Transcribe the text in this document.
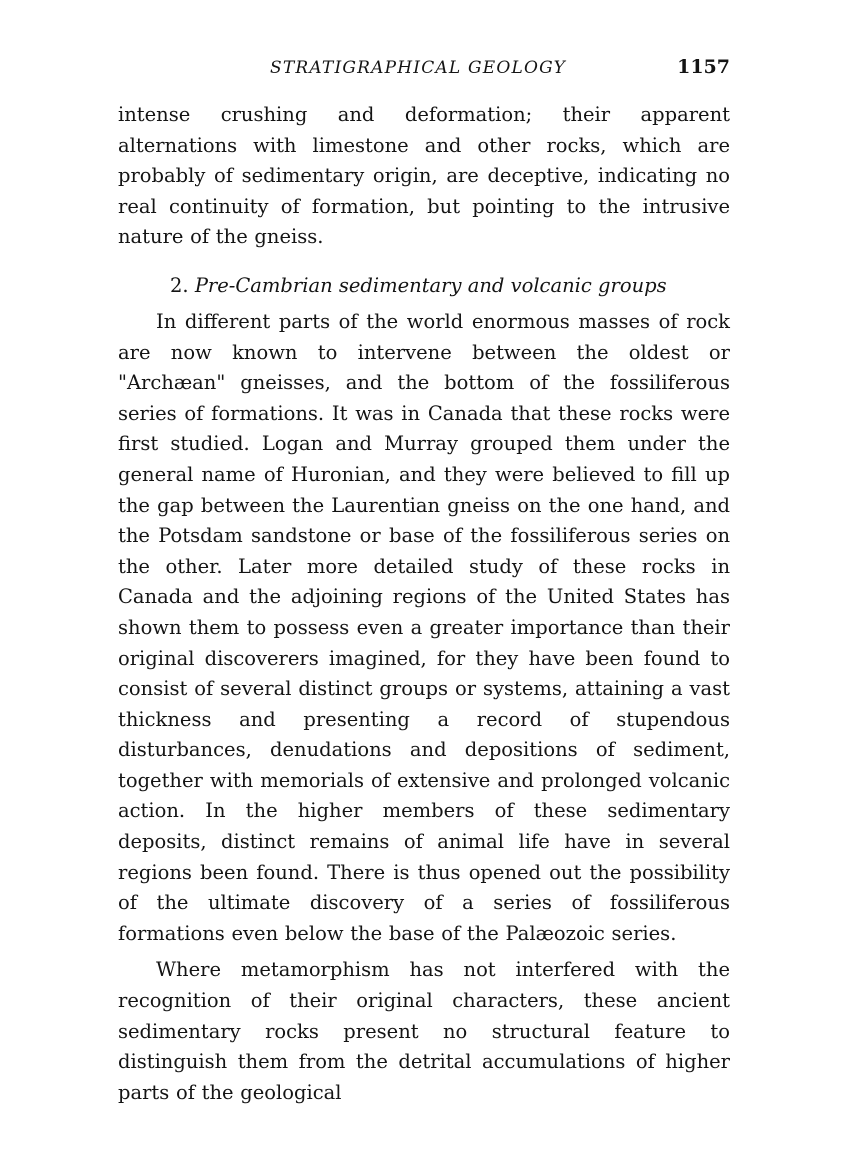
STRATIGRAPHICAL GEOLOGY	1157

intense crushing and deformation; their apparent alternations with limestone and other rocks, which are probably of sedimentary origin, are deceptive, indicating no real continuity of formation, but pointing to the intrusive nature of the gneiss.

2. Pre-Cambrian sedimentary and volcanic groups

In different parts of the world enormous masses of rock are now known to intervene between the oldest or "Archæan" gneisses, and the bottom of the fossiliferous series of formations. It was in Canada that these rocks were first studied. Logan and Murray grouped them under the general name of Huronian, and they were believed to fill up the gap between the Laurentian gneiss on the one hand, and the Potsdam sandstone or base of the fossiliferous series on the other. Later more detailed study of these rocks in Canada and the adjoining regions of the United States has shown them to possess even a greater importance than their original discoverers imagined, for they have been found to consist of several distinct groups or systems, attaining a vast thickness and presenting a record of stupendous disturbances, denudations and depositions of sediment, together with memorials of extensive and prolonged volcanic action. In the higher members of these sedimentary deposits, distinct remains of animal life have in several regions been found. There is thus opened out the possibility of the ultimate discovery of a series of fossiliferous formations even below the base of the Palæozoic series.

Where metamorphism has not interfered with the recognition of their original characters, these ancient sedimentary rocks present no structural feature to distinguish them from the detrital accumulations of higher parts of the geological
